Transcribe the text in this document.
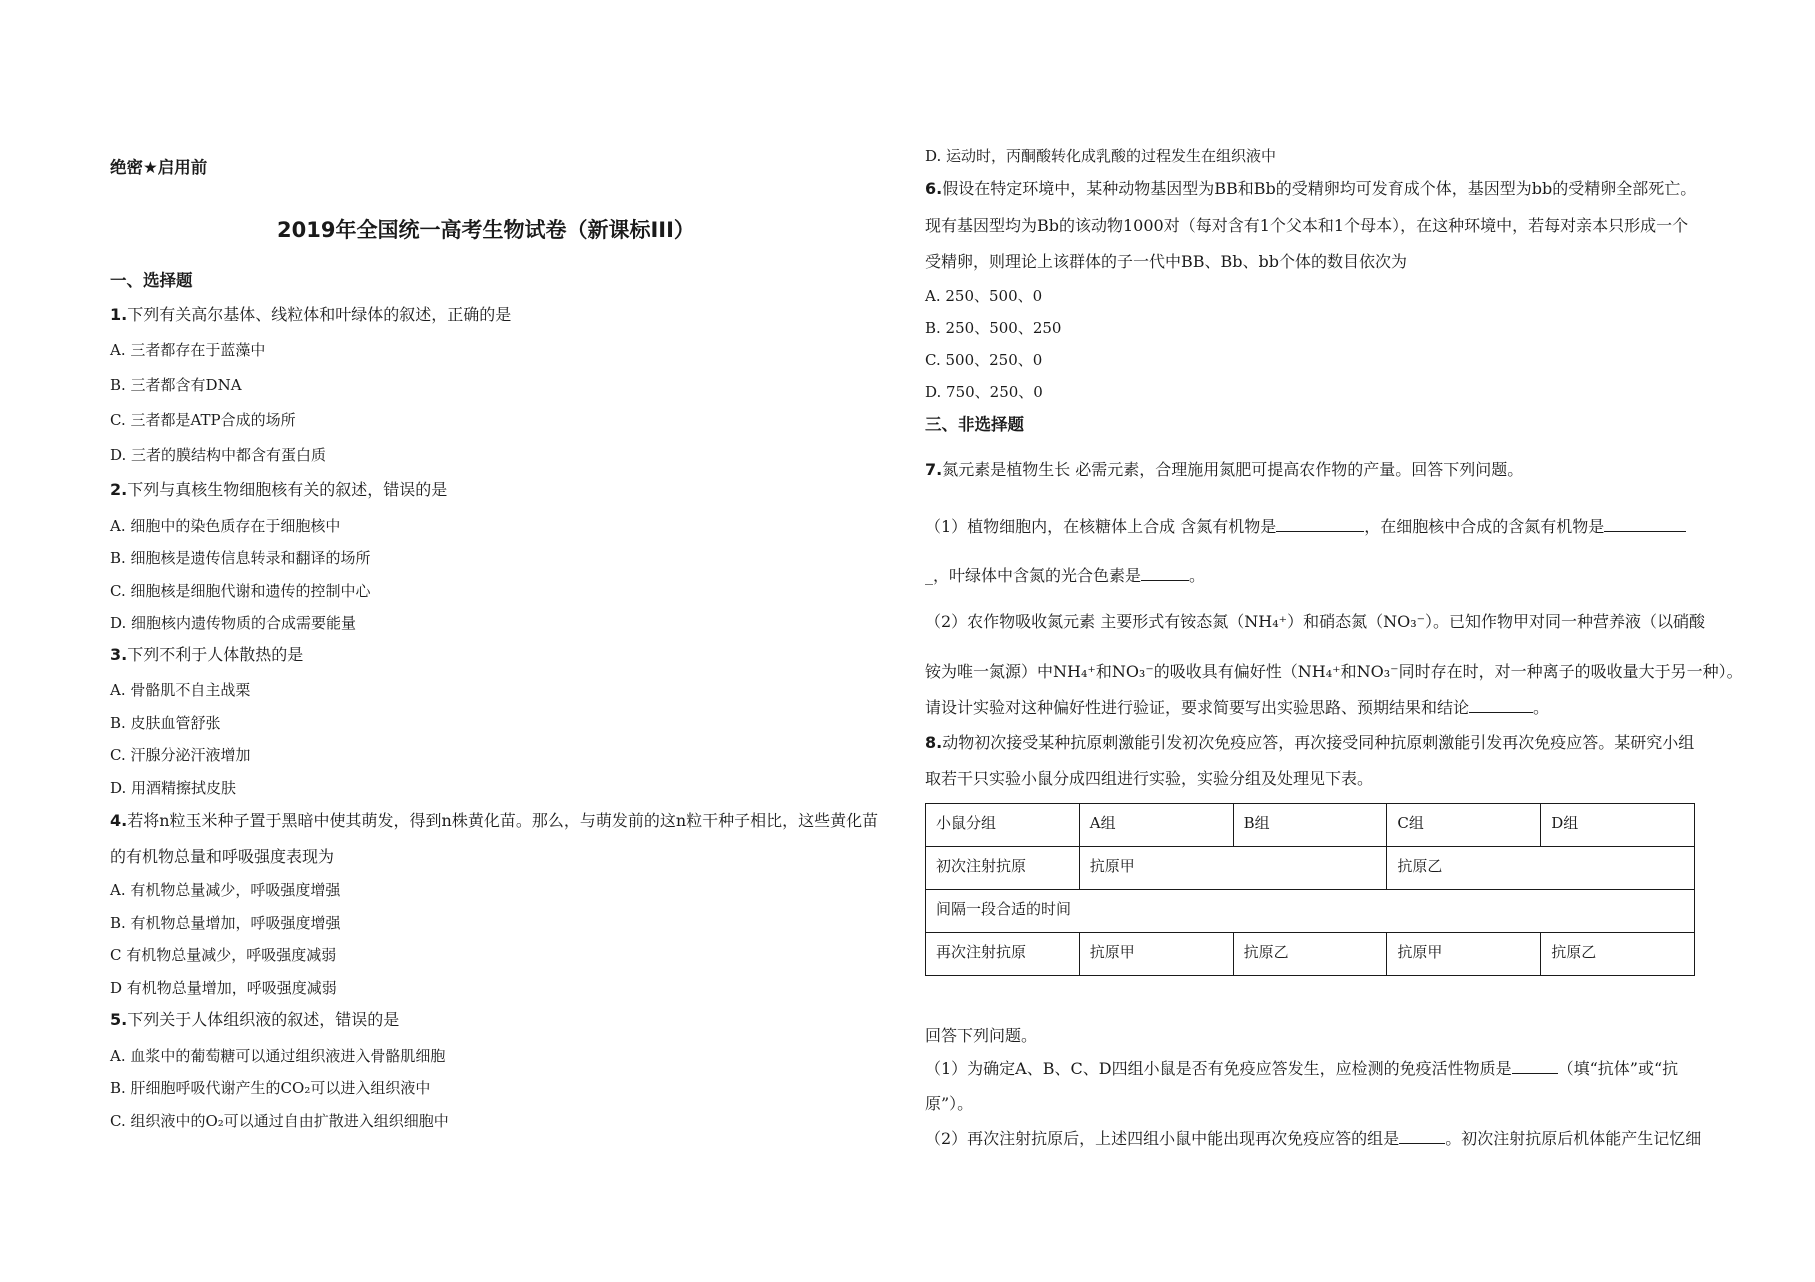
绝密★启用前
2019年全国统一高考生物试卷（新课标III）
一、选择题
1.下列有关高尔基体、线粒体和叶绿体的叙述，正确的是
A. 三者都存在于蓝藻中
B. 三者都含有DNA
C. 三者都是ATP合成的场所
D. 三者的膜结构中都含有蛋白质
2.下列与真核生物细胞核有关的叙述，错误的是
A. 细胞中的染色质存在于细胞核中
B. 细胞核是遗传信息转录和翻译的场所
C. 细胞核是细胞代谢和遗传的控制中心
D. 细胞核内遗传物质的合成需要能量
3.下列不利于人体散热的是
A. 骨骼肌不自主战栗
B. 皮肤血管舒张
C. 汗腺分泌汗液增加
D. 用酒精擦拭皮肤
4.若将n粒玉米种子置于黑暗中使其萌发，得到n株黄化苗。那么，与萌发前的这n粒干种子相比，这些黄化苗
的有机物总量和呼吸强度表现为
A. 有机物总量减少，呼吸强度增强
B. 有机物总量增加，呼吸强度增强
C 有机物总量减少，呼吸强度减弱
D 有机物总量增加，呼吸强度减弱
5.下列关于人体组织液的叙述，错误的是
A. 血浆中的葡萄糖可以通过组织液进入骨骼肌细胞
B. 肝细胞呼吸代谢产生的CO₂可以进入组织液中
C. 组织液中的O₂可以通过自由扩散进入组织细胞中
D. 运动时，丙酮酸转化成乳酸的过程发生在组织液中
6.假设在特定环境中，某种动物基因型为BB和Bb的受精卵均可发育成个体，基因型为bb的受精卵全部死亡。
现有基因型均为Bb的该动物1000对（每对含有1个父本和1个母本），在这种环境中，若每对亲本只形成一个
受精卵，则理论上该群体的子一代中BB、Bb、bb个体的数目依次为
A. 250、500、0
B. 250、500、250
C. 500、250、0
D. 750、250、0
三、非选择题
7.氮元素是植物生长 必需元素，合理施用氮肥可提高农作物的产量。回答下列问题。
（1）植物细胞内，在核糖体上合成 含氮有机物是	，在细胞核中合成的含氮有机物是
_，叶绿体中含氮的光合色素是	。
（2）农作物吸收氮元素 主要形式有铵态氮（NH₄⁺）和硝态氮（NO₃⁻）。已知作物甲对同一种营养液（以硝酸
铵为唯一氮源）中NH₄⁺和NO₃⁻的吸收具有偏好性（NH₄⁺和NO₃⁻同时存在时，对一种离子的吸收量大于另一种）。
请设计实验对这种偏好性进行验证，要求简要写出实验思路、预期结果和结论	。
8.动物初次接受某种抗原刺激能引发初次免疫应答，再次接受同种抗原刺激能引发再次免疫应答。某研究小组
取若干只实验小鼠分成四组进行实验，实验分组及处理见下表。
小鼠分组	A组	B组	C组	D组
初次注射抗原	抗原甲		抗原乙	
间隔一段合适的时间				
再次注射抗原	抗原甲	抗原乙	抗原甲	抗原乙
回答下列问题。
（1）为确定A、B、C、D四组小鼠是否有免疫应答发生，应检测的免疫活性物质是	（填“抗体”或“抗
原”）。
（2）再次注射抗原后，上述四组小鼠中能出现再次免疫应答的组是	。初次注射抗原后机体能产生记忆细
